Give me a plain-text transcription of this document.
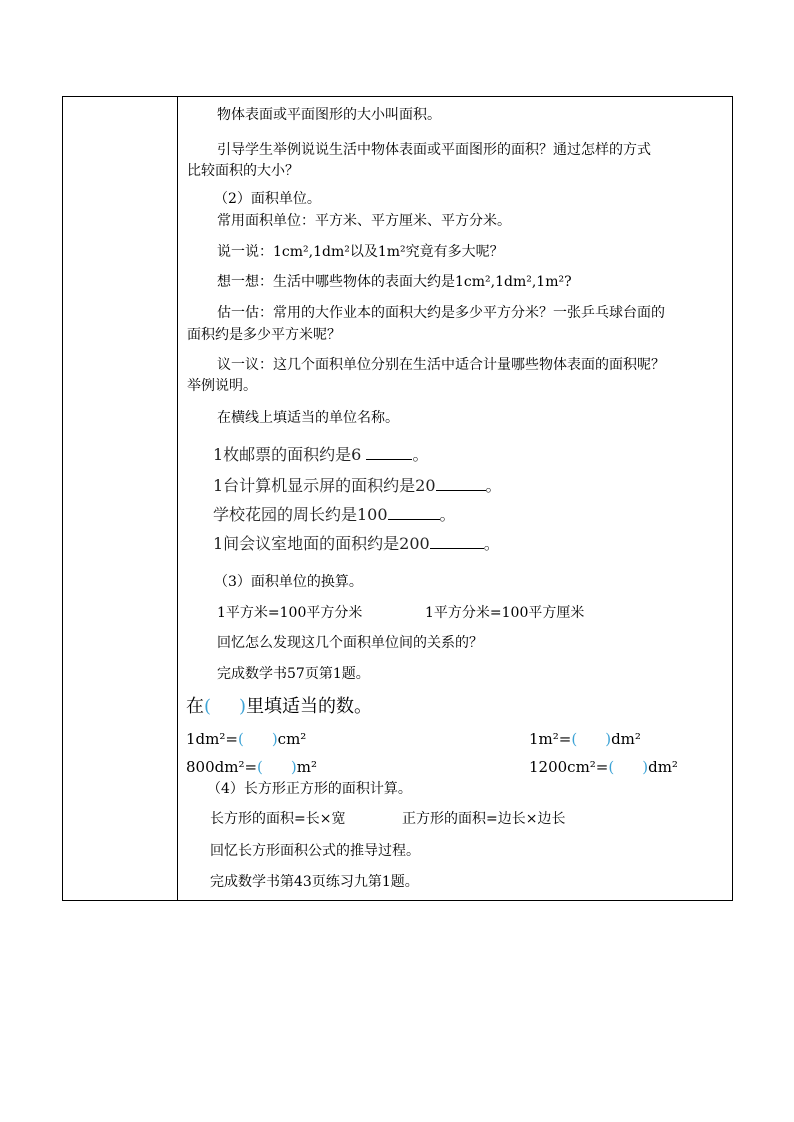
物体表面或平面图形的大小叫面积。
引导学生举例说说生活中物体表面或平面图形的面积？通过怎样的方式
比较面积的大小？
（2）面积单位。
常用面积单位：平方米、平方厘米、平方分米。
说一说：1cm²,1dm²以及1m²究竟有多大呢？
想一想：生活中哪些物体的表面大约是1cm²,1dm²,1m²?
估一估：常用的大作业本的面积大约是多少平方分米？一张乒乓球台面的
面积约是多少平方米呢？
议一议：这几个面积单位分别在生活中适合计量哪些物体表面的面积呢？
举例说明。
在横线上填适当的单位名称。
1枚邮票的面积约是6	。
1台计算机显示屏的面积约是20	。
学校花园的周长约是100	。
1间会议室地面的面积约是200	。
（3）面积单位的换算。
1平方米=100平方分米	1平方分米=100平方厘米
回忆怎么发现这几个面积单位间的关系的？
完成数学书57页第1题。
在( )里填适当的数。
1dm²=( )cm²	1m²=( )dm²
800dm²=( )m²	1200cm²=( )dm²
（4）长方形正方形的面积计算。
长方形的面积=长×宽	正方形的面积=边长×边长
回忆长方形面积公式的推导过程。
完成数学书第43页练习九第1题。
